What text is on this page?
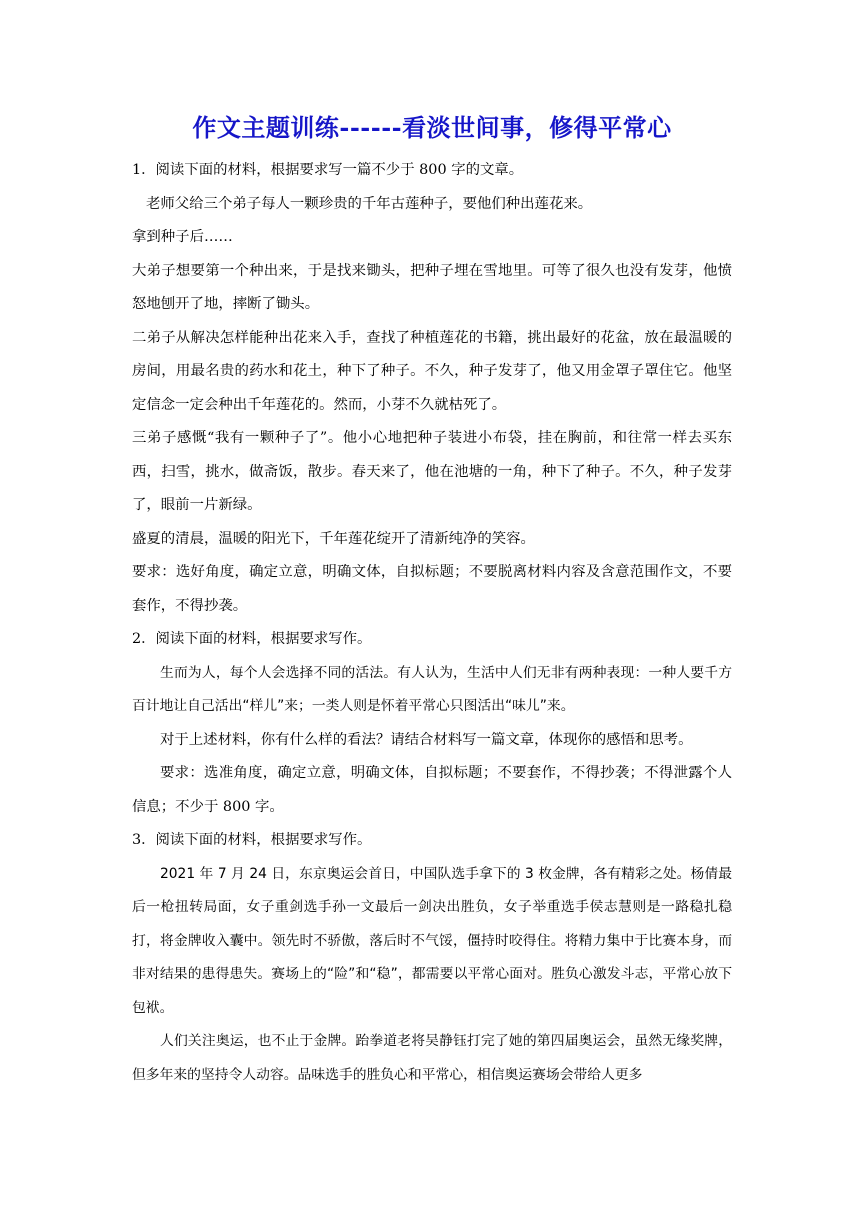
作文主题训练------看淡世间事，修得平常心

1．阅读下面的材料，根据要求写一篇不少于 800 字的文章。

老师父给三个弟子每人一颗珍贵的千年古莲种子，要他们种出莲花来。

拿到种子后……

大弟子想要第一个种出来，于是找来锄头，把种子埋在雪地里。可等了很久也没有发芽，他愤怒地刨开了地，摔断了锄头。

二弟子从解决怎样能种出花来入手，查找了种植莲花的书籍，挑出最好的花盆，放在最温暖的房间，用最名贵的药水和花土，种下了种子。不久，种子发芽了，他又用金罩子罩住它。他坚定信念一定会种出千年莲花的。然而，小芽不久就枯死了。

三弟子感慨“我有一颗种子了”。他小心地把种子装进小布袋，挂在胸前，和往常一样去买东西，扫雪，挑水，做斋饭，散步。春天来了，他在池塘的一角，种下了种子。不久，种子发芽了，眼前一片新绿。

盛夏的清晨，温暖的阳光下，千年莲花绽开了清新纯净的笑容。

要求：选好角度，确定立意，明确文体，自拟标题；不要脱离材料内容及含意范围作文，不要套作，不得抄袭。

2．阅读下面的材料，根据要求写作。

生而为人，每个人会选择不同的活法。有人认为，生活中人们无非有两种表现：一种人要千方百计地让自己活出“样儿”来；一类人则是怀着平常心只图活出“味儿”来。

对于上述材料，你有什么样的看法？请结合材料写一篇文章，体现你的感悟和思考。

要求：选准角度，确定立意，明确文体，自拟标题；不要套作，不得抄袭；不得泄露个人信息；不少于 800 字。

3．阅读下面的材料，根据要求写作。

2021 年 7 月 24 日，东京奥运会首日，中国队选手拿下的 3 枚金牌，各有精彩之处。杨倩最后一枪扭转局面，女子重剑选手孙一文最后一剑决出胜负，女子举重选手侯志慧则是一路稳扎稳打，将金牌收入囊中。领先时不骄傲，落后时不气馁，僵持时咬得住。将精力集中于比赛本身，而非对结果的患得患失。赛场上的“险”和“稳”，都需要以平常心面对。胜负心激发斗志，平常心放下包袱。

人们关注奥运，也不止于金牌。跆拳道老将吴静钰打完了她的第四届奥运会，虽然无缘奖牌，但多年来的坚持令人动容。品味选手的胜负心和平常心，相信奥运赛场会带给人更多
